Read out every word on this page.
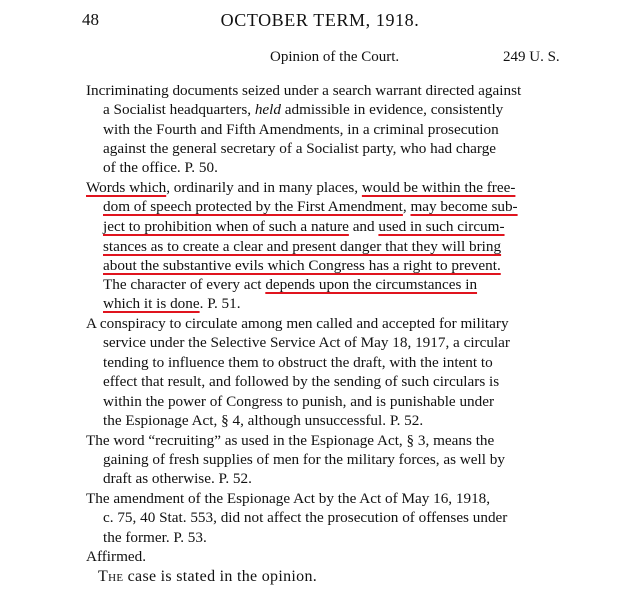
48	OCTOBER TERM, 1918.
Opinion of the Court.	249 U. S.
Incriminating documents seized under a search warrant directed against
a Socialist headquarters, held admissible in evidence, consistently
with the Fourth and Fifth Amendments, in a criminal prosecution
against the general secretary of a Socialist party, who had charge
of the office. P. 50.
Words which, ordinarily and in many places, would be within the free-
dom of speech protected by the First Amendment, may become sub-
ject to prohibition when of such a nature and used in such circum-
stances as to create a clear and present danger that they will bring
about the substantive evils which Congress has a right to prevent.
The character of every act depends upon the circumstances in
which it is done. P. 51.
A conspiracy to circulate among men called and accepted for military
service under the Selective Service Act of May 18, 1917, a circular
tending to influence them to obstruct the draft, with the intent to
effect that result, and followed by the sending of such circulars is
within the power of Congress to punish, and is punishable under
the Espionage Act, § 4, although unsuccessful. P. 52.
The word “recruiting” as used in the Espionage Act, § 3, means the
gaining of fresh supplies of men for the military forces, as well by
draft as otherwise. P. 52.
The amendment of the Espionage Act by the Act of May 16, 1918,
c. 75, 40 Stat. 553, did not affect the prosecution of offenses under
the former. P. 53.
Affirmed.
The case is stated in the opinion.
